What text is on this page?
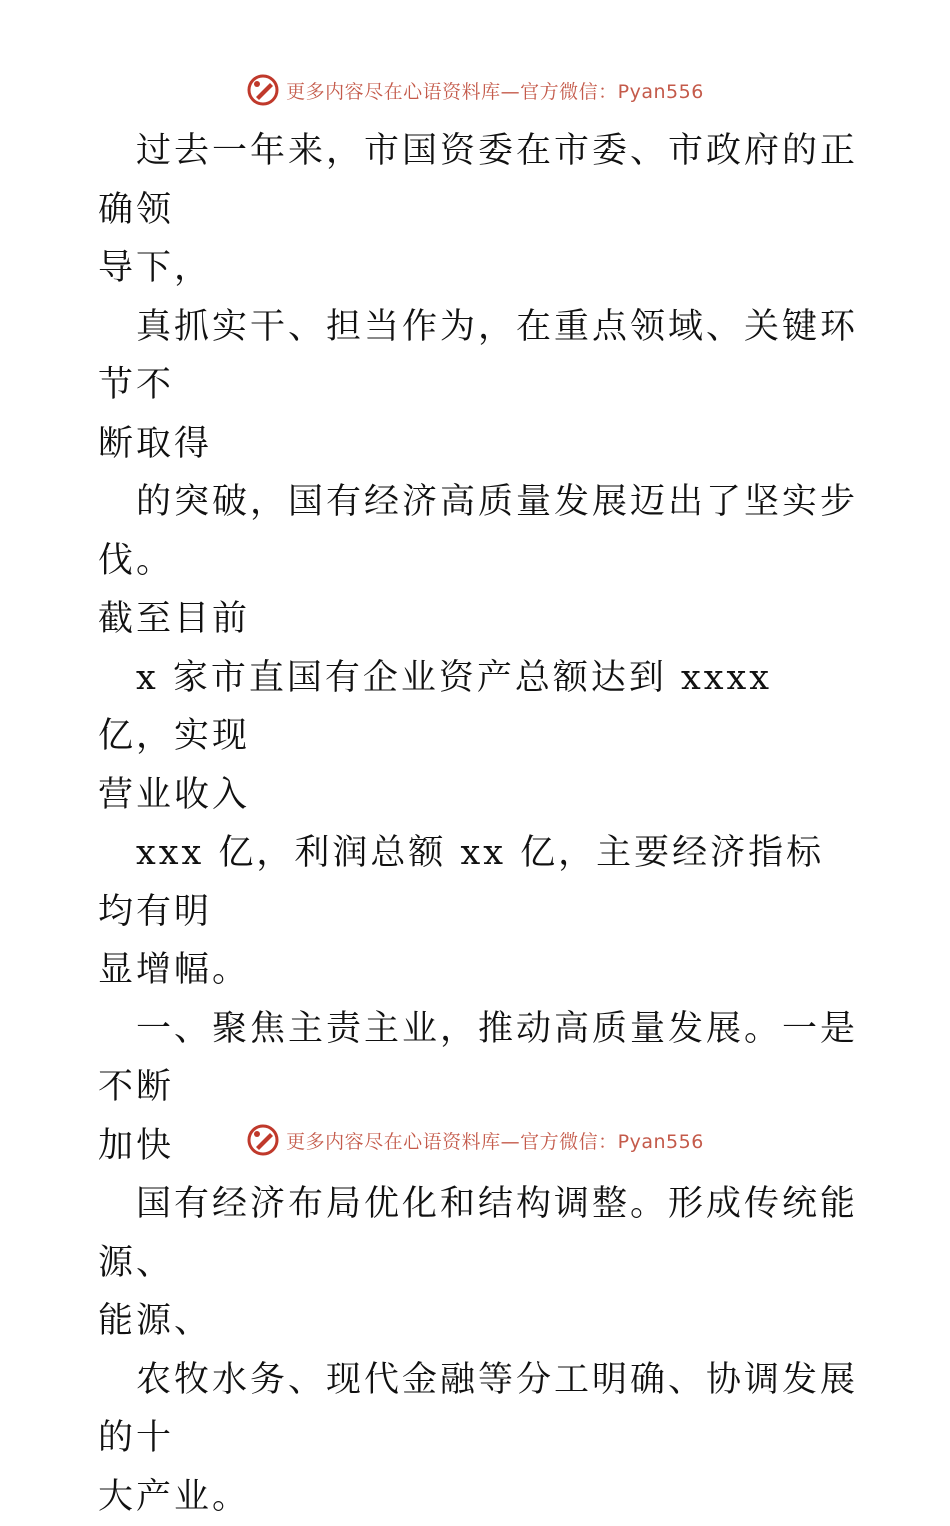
更多内容尽在心语资料库—官方微信：Pyan556

过去一年来，市国资委在市委、市政府的正确领
导下，

真抓实干、担当作为，在重点领域、关键环节不
断取得

的突破，国有经济高质量发展迈出了坚实步伐。
截至目前

x 家市直国有企业资产总额达到 xxxx 亿，实现
营业收入

xxx 亿，利润总额 xx 亿，主要经济指标均有明
显增幅。

一、聚焦主责主业，推动高质量发展。一是不断
加快

国有经济布局优化和结构调整。形成传统能源、
能源、

农牧水务、现代金融等分工明确、协调发展的十
大产业。

更多内容尽在心语资料库—官方微信：Pyan556
